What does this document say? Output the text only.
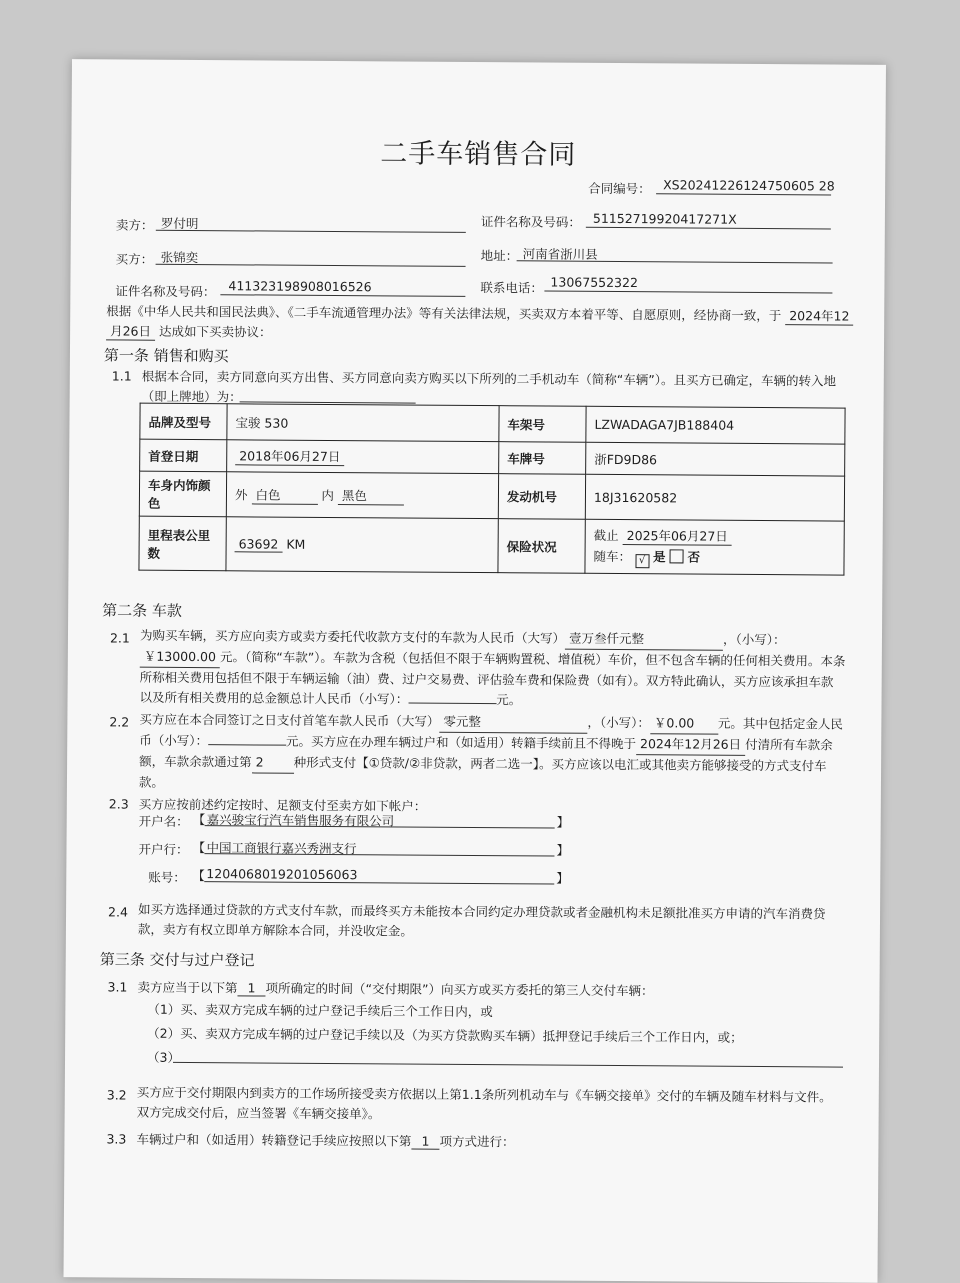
二手车销售合同
合同编号： XS20241226124750605 28
卖方： 罗付明	证件名称及号码： 51152719920417271X
买方： 张锦奕	地址： 河南省浙川县
证件名称及号码： 411323198908016526	联系电话： 13067552322
根据《中华人民共和国民法典》、《二手车流通管理办法》等有关法律法规，买卖双方本着平等、自愿原则，经协商一致，于 2024年12
月26日 达成如下买卖协议：
第一条 销售和购买
1.1 根据本合同，卖方同意向买方出售、买方同意向卖方购买以下所列的二手机动车（简称“车辆”）。且买方已确定，车辆的转入地
（即上牌地）为：
品牌及型号	宝骏 530	车架号	LZWADAGA7JB188404
首登日期	2018年06月27日	车牌号	浙FD9D86
车身内饰颜色	外 白色 内 黑色	发动机号	18J31620582
里程表公里数	63692 KM	保险状况	截止 2025年06月27日
随车： √ 是 否
第二条 车款
2.1 为购买车辆，买方应向卖方或卖方委托代收款方支付的车款为人民币（大写） 壹万叁仟元整	，（小写）：
￥13000.00 元。（简称“车款”）。车款为含税（包括但不限于车辆购置税、增值税）车价，但不包含车辆的任何相关费用。本条所称相关费用包括但不限于车辆运输（油）费、过户交易费、评估验车费和保险费（如有）。双方特此确认，买方应该承担车款以及所有相关费用的总金额总计人民币（小写）：	元。
2.2 买方应在本合同签订之日支付首笔车款人民币（大写） 零元整	，（小写）： ￥0.00 元。其中包括定金人民币（小写）：	元。买方应在办理车辆过户和（如适用）转籍手续前且不得晚于 2024年12月26日 付清所有车款余额，车款余款通过第 2 种形式支付【①贷款/②非贷款，两者二选一】。买方应该以电汇或其他卖方能够接受的方式支付车款。
2.3 买方应按前述约定按时、足额支付至卖方如下帐户：
开户名： 【 嘉兴骏宝行汽车销售服务有限公司	】
开户行： 【 中国工商银行嘉兴秀洲支行	】
账号： 【 1204068019201056063	】
2.4 如买方选择通过贷款的方式支付车款，而最终买方未能按本合同约定办理贷款或者金融机构未足额批准买方申请的汽车消费贷款，卖方有权立即单方解除本合同，并没收定金。
第三条 交付与过户登记
3.1 卖方应当于以下第 1 项所确定的时间（“交付期限”）向买方或买方委托的第三人交付车辆：
（1）买、卖双方完成车辆的过户登记手续后三个工作日内，或
（2）买、卖双方完成车辆的过户登记手续以及（为买方贷款购买车辆）抵押登记手续后三个工作日内，或；
（3）
3.2 买方应于交付期限内到卖方的工作场所接受卖方依据以上第1.1条所列机动车与《车辆交接单》交付的车辆及随车材料与文件。双方完成交付后，应当签署《车辆交接单》。
3.3 车辆过户和（如适用）转籍登记手续应按照以下第 1 项方式进行：
